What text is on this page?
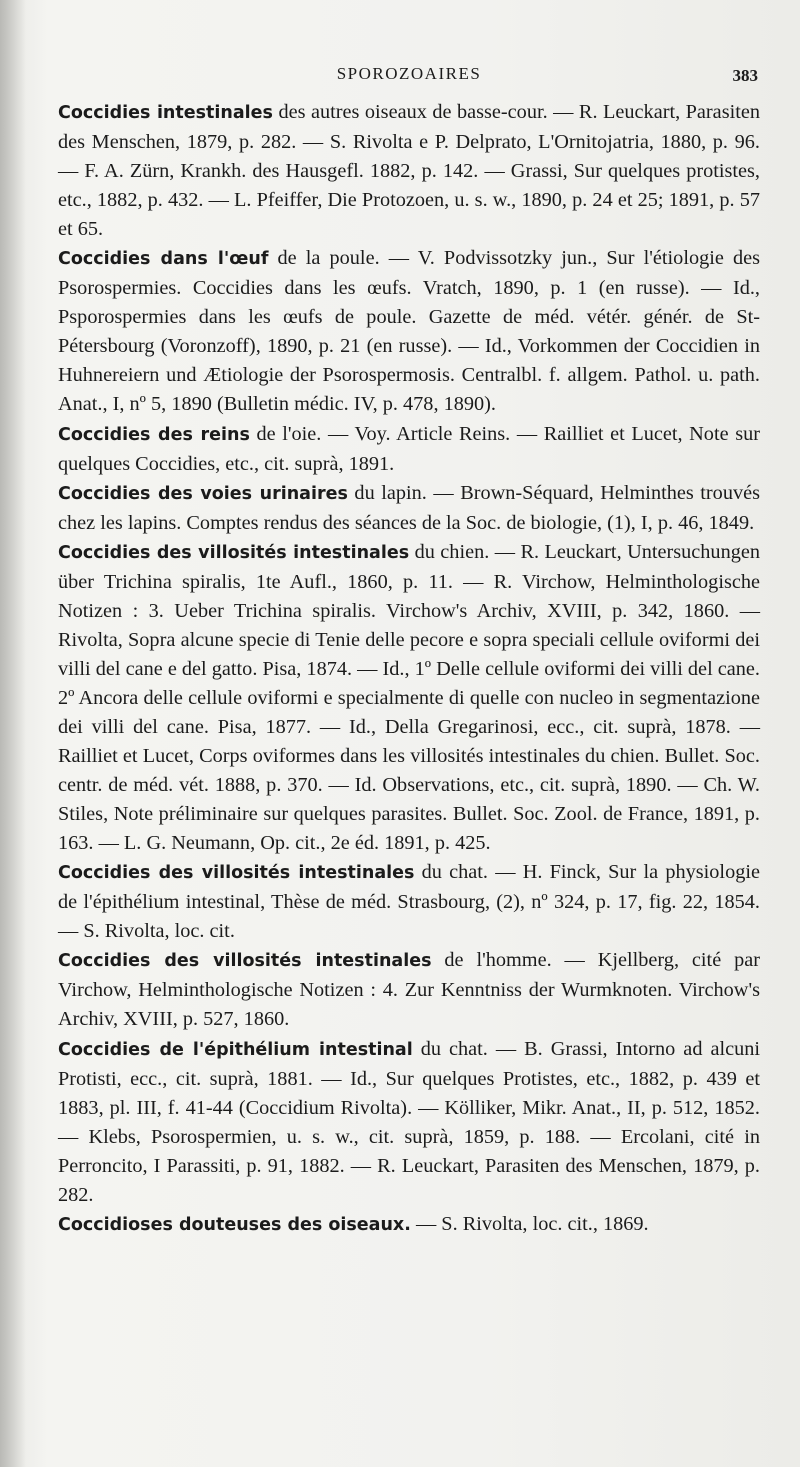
SPOROZOAIRES	383

Coccidies intestinales des autres oiseaux de basse-cour. — R. Leuckart, Parasiten des Menschen, 1879, p. 282. — S. Rivolta e P. Delprato, L'Ornitojatria, 1880, p. 96. — F. A. Zürn, Krankh. des Hausgefl. 1882, p. 142. — Grassi, Sur quelques protistes, etc., 1882, p. 432. — L. Pfeiffer, Die Protozoen, u. s. w., 1890, p. 24 et 25; 1891, p. 57 et 65.

Coccidies dans l'œuf de la poule. — V. Podvissotzky jun., Sur l'étiologie des Psorospermies. Coccidies dans les œufs. Vratch, 1890, p. 1 (en russe). — Id., Psporospermies dans les œufs de poule. Gazette de méd. vétér. génér. de St-Pétersbourg (Voronzoff), 1890, p. 21 (en russe). — Id., Vorkommen der Coccidien in Huhnereiern und Ætiologie der Psorospermosis. Centralbl. f. allgem. Pathol. u. path. Anat., I, nº 5, 1890 (Bulletin médic. IV, p. 478, 1890).

Coccidies des reins de l'oie. — Voy. Article Reins. — Railliet et Lucet, Note sur quelques Coccidies, etc., cit. suprà, 1891.

Coccidies des voies urinaires du lapin. — Brown-Séquard, Helminthes trouvés chez les lapins. Comptes rendus des séances de la Soc. de biologie, (1), I, p. 46, 1849.

Coccidies des villosités intestinales du chien. — R. Leuckart, Untersuchungen über Trichina spiralis, 1te Aufl., 1860, p. 11. — R. Virchow, Helminthologische Notizen : 3. Ueber Trichina spiralis. Virchow's Archiv, XVIII, p. 342, 1860. — Rivolta, Sopra alcune specie di Tenie delle pecore e sopra speciali cellule oviformi dei villi del cane e del gatto. Pisa, 1874. — Id., 1º Delle cellule oviformi dei villi del cane. 2º Ancora delle cellule oviformi e specialmente di quelle con nucleo in segmentazione dei villi del cane. Pisa, 1877. — Id., Della Gregarinosi, ecc., cit. suprà, 1878. — Railliet et Lucet, Corps oviformes dans les villosités intestinales du chien. Bullet. Soc. centr. de méd. vét. 1888, p. 370. — Id. Observations, etc., cit. suprà, 1890. — Ch. W. Stiles, Note préliminaire sur quelques parasites. Bullet. Soc. Zool. de France, 1891, p. 163. — L. G. Neumann, Op. cit., 2e éd. 1891, p. 425.

Coccidies des villosités intestinales du chat. — H. Finck, Sur la physiologie de l'épithélium intestinal, Thèse de méd. Strasbourg, (2), nº 324, p. 17, fig. 22, 1854. — S. Rivolta, loc. cit.

Coccidies des villosités intestinales de l'homme. — Kjellberg, cité par Virchow, Helminthologische Notizen : 4. Zur Kenntniss der Wurmknoten. Virchow's Archiv, XVIII, p. 527, 1860.

Coccidies de l'épithélium intestinal du chat. — B. Grassi, Intorno ad alcuni Protisti, ecc., cit. suprà, 1881. — Id., Sur quelques Protistes, etc., 1882, p. 439 et 1883, pl. III, f. 41-44 (Coccidium Rivolta). — Kölliker, Mikr. Anat., II, p. 512, 1852. — Klebs, Psorospermien, u. s. w., cit. suprà, 1859, p. 188. — Ercolani, cité in Perroncito, I Parassiti, p. 91, 1882. — R. Leuckart, Parasiten des Menschen, 1879, p. 282.

Coccidioses douteuses des oiseaux. — S. Rivolta, loc. cit., 1869.
